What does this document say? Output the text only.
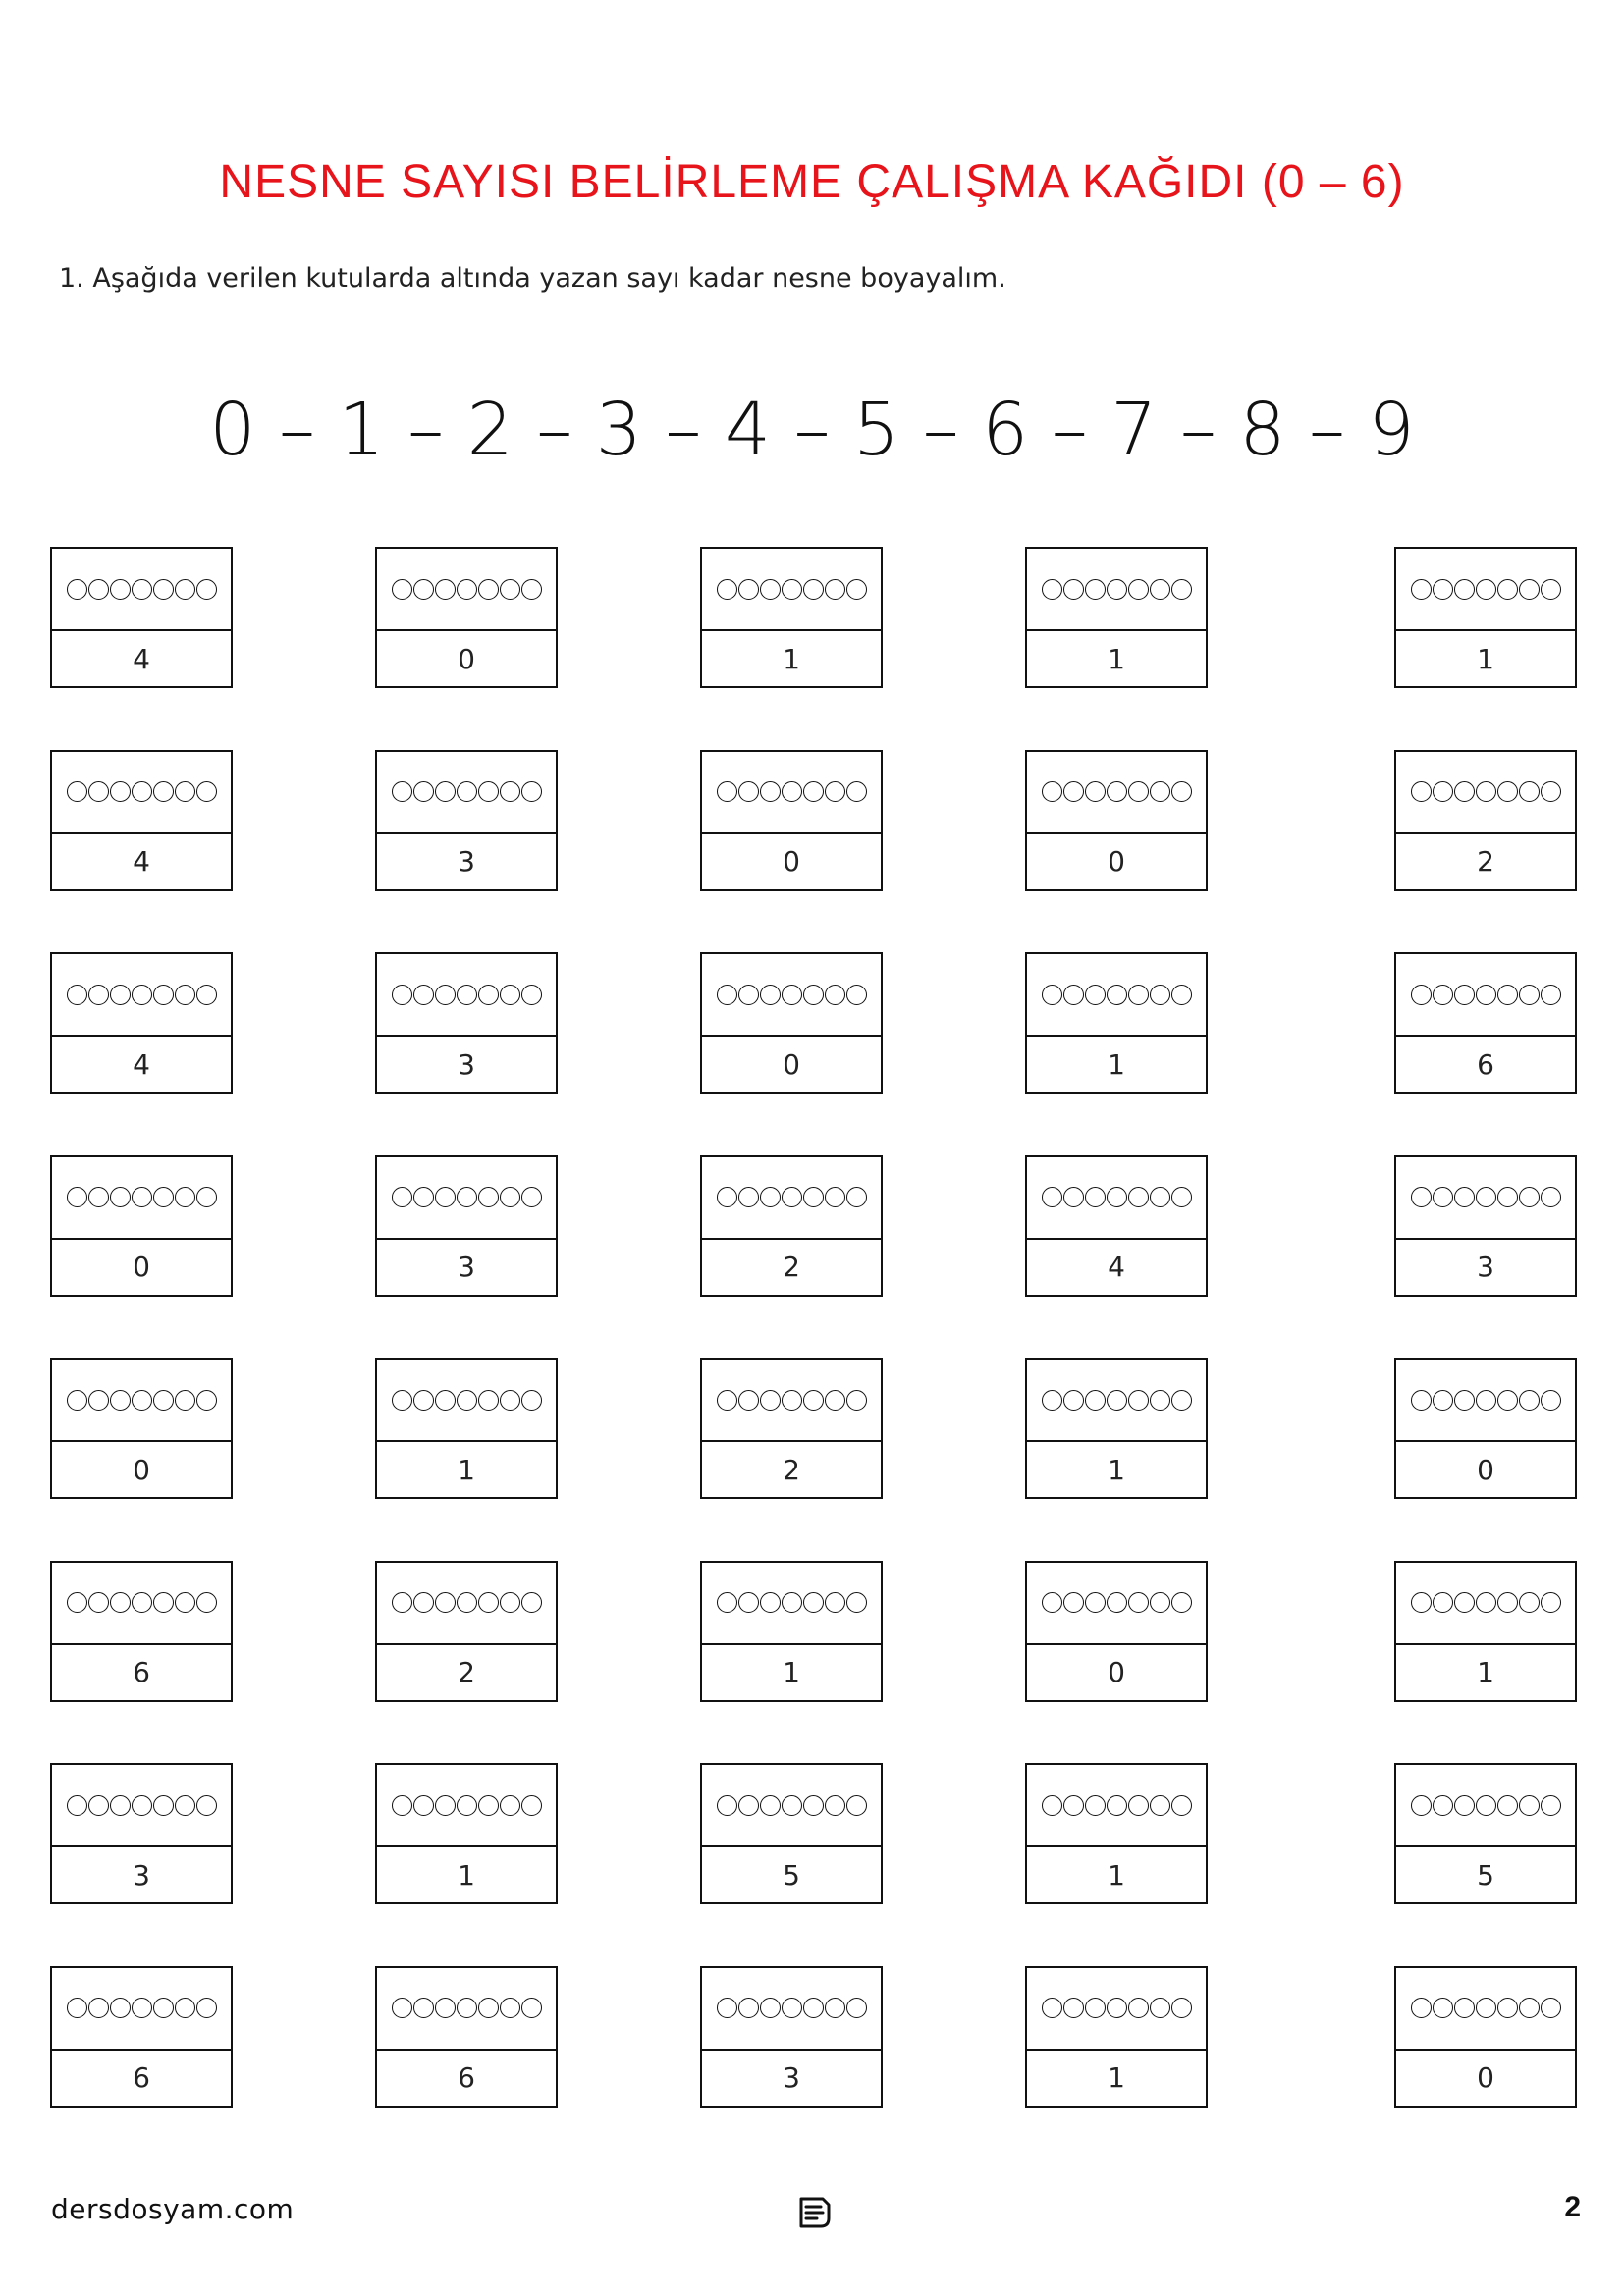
NESNE SAYISI BELİRLEME ÇALIŞMA KAĞIDI (0 – 6)
1. Aşağıda verilen kutularda altında yazan sayı kadar nesne boyayalım.
0 – 1 – 2 – 3 – 4 – 5 – 6 – 7 – 8 – 9
4	0	1	1	1
4	3	0	0	2
4	3	0	1	6
0	3	2	4	3
0	1	2	1	0
6	2	1	0	1
3	1	5	1	5
6	6	3	1	0
dersdosyam.com	2
